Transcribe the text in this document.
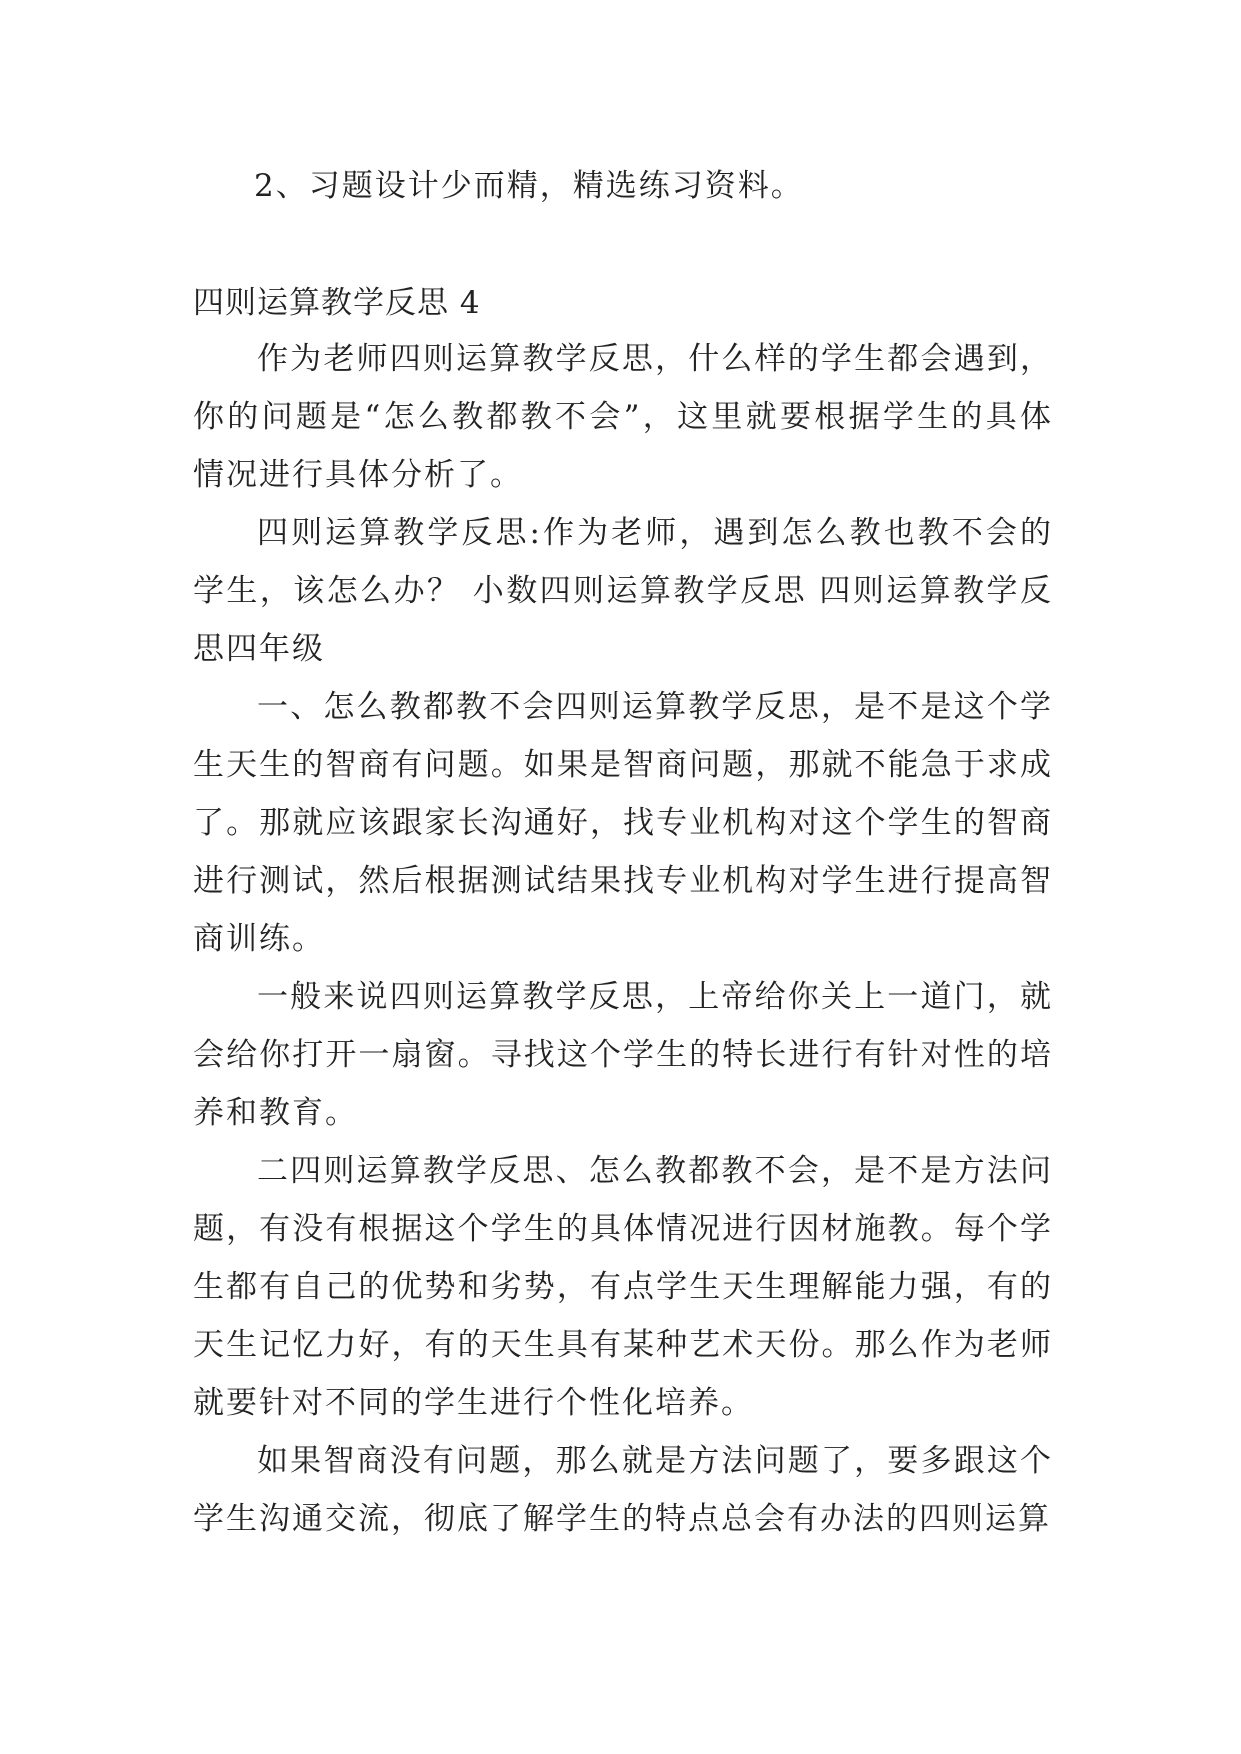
2、习题设计少而精，精选练习资料。

四则运算教学反思 4

作为老师四则运算教学反思，什么样的学生都会遇到，你的问题是“怎么教都教不会”，这里就要根据学生的具体情况进行具体分析了。

四则运算教学反思:作为老师，遇到怎么教也教不会的学生，该怎么办？ 小数四则运算教学反思 四则运算教学反思四年级

一、怎么教都教不会四则运算教学反思，是不是这个学生天生的智商有问题。如果是智商问题，那就不能急于求成了。那就应该跟家长沟通好，找专业机构对这个学生的智商进行测试，然后根据测试结果找专业机构对学生进行提高智商训练。

一般来说四则运算教学反思，上帝给你关上一道门，就会给你打开一扇窗。寻找这个学生的特长进行有针对性的培养和教育。

二四则运算教学反思、怎么教都教不会，是不是方法问题，有没有根据这个学生的具体情况进行因材施教。每个学生都有自己的优势和劣势，有点学生天生理解能力强，有的天生记忆力好，有的天生具有某种艺术天份。那么作为老师就要针对不同的学生进行个性化培养。

如果智商没有问题，那么就是方法问题了，要多跟这个学生沟通交流，彻底了解学生的特点总会有办法的四则运算
